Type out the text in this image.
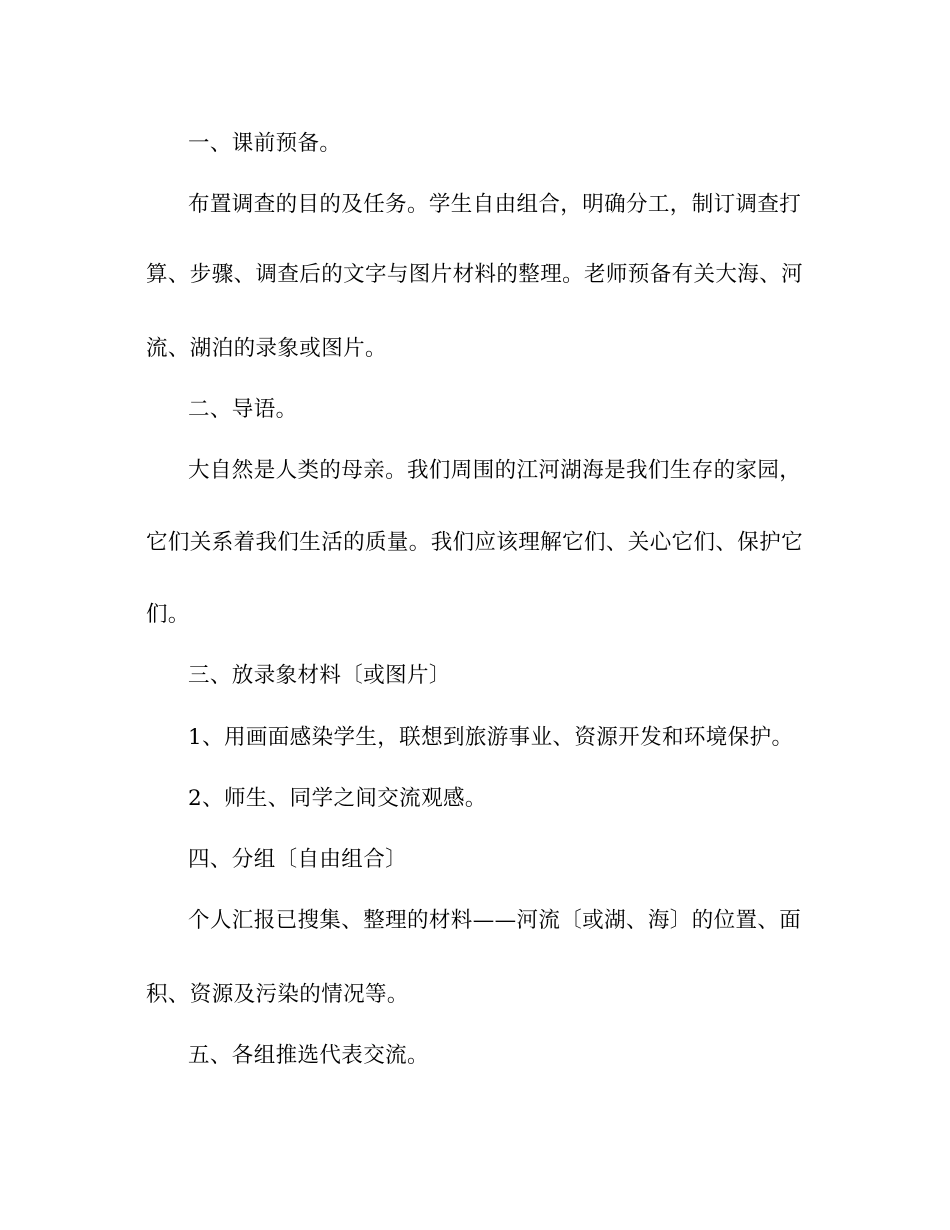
一、课前预备。
布置调查的目的及任务。学生自由组合，明确分工，制订调查打
算、步骤、调查后的文字与图片材料的整理。老师预备有关大海、河
流、湖泊的录象或图片。
二、导语。
大自然是人类的母亲。我们周围的江河湖海是我们生存的家园，
它们关系着我们生活的质量。我们应该理解它们、关心它们、保护它
们。
三、放录象材料〔或图片〕
1、用画面感染学生，联想到旅游事业、资源开发和环境保护。
2、师生、同学之间交流观感。
四、分组〔自由组合〕
个人汇报已搜集、整理的材料——河流〔或湖、海〕的位置、面
积、资源及污染的情况等。
五、各组推选代表交流。
